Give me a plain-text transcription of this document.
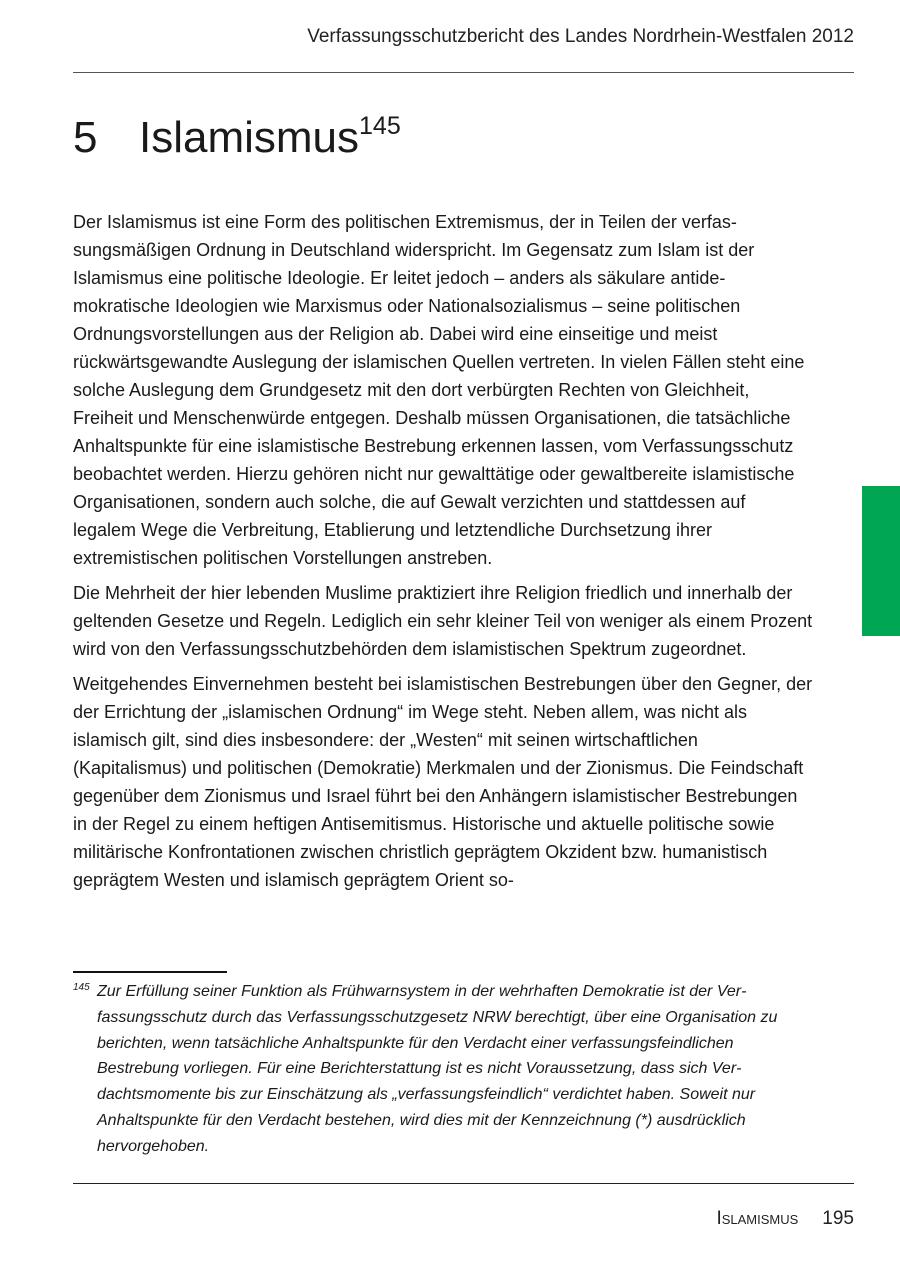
Verfassungsschutzbericht des Landes Nordrhein-Westfalen 2012
5 Islamismus$^{145}$

Der Islamismus ist eine Form des politischen Extremismus, der in Teilen der verfassungsmäßigen Ordnung in Deutschland widerspricht. Im Gegensatz zum Islam ist der Islamismus eine politische Ideologie. Er leitet jedoch – anders als säkulare antidemokratische Ideologien wie Marxismus oder Nationalsozialismus – seine politischen Ordnungsvorstellungen aus der Religion ab. Dabei wird eine einseitige und meist rückwärtsgewandte Auslegung der islamischen Quellen vertreten. In vielen Fällen steht eine solche Auslegung dem Grundgesetz mit den dort verbürgten Rechten von Gleichheit, Freiheit und Menschenwürde entgegen. Deshalb müssen Organisationen, die tatsächliche Anhaltspunkte für eine islamistische Bestrebung erkennen lassen, vom Verfassungsschutz beobachtet werden. Hierzu gehören nicht nur gewalttätige oder gewaltbereite islamistische Organisationen, sondern auch solche, die auf Gewalt verzichten und stattdessen auf legalem Wege die Verbreitung, Etablierung und letztendliche Durchsetzung ihrer extremistischen politischen Vorstellungen anstreben.

Die Mehrheit der hier lebenden Muslime praktiziert ihre Religion friedlich und innerhalb der geltenden Gesetze und Regeln. Lediglich ein sehr kleiner Teil von weniger als einem Prozent wird von den Verfassungsschutzbehörden dem islamistischen Spektrum zugeordnet.

Weitgehendes Einvernehmen besteht bei islamistischen Bestrebungen über den Gegner, der der Errichtung der „islamischen Ordnung“ im Wege steht. Neben allem, was nicht als islamisch gilt, sind dies insbesondere: der „Westen“ mit seinen wirtschaftlichen (Kapitalismus) und politischen (Demokratie) Merkmalen und der Zionismus. Die Feindschaft gegenüber dem Zionismus und Israel führt bei den Anhängern islamistischer Bestrebungen in der Regel zu einem heftigen Antisemitismus. Historische und aktuelle politische sowie militärische Konfrontationen zwischen christlich geprägtem Okzident bzw. humanistisch geprägtem Westen und islamisch geprägtem Orient so-

145 Zur Erfüllung seiner Funktion als Frühwarnsystem in der wehrhaften Demokratie ist der Verfassungsschutz durch das Verfassungsschutzgesetz NRW berechtigt, über eine Organisation zu berichten, wenn tatsächliche Anhaltspunkte für den Verdacht einer verfassungsfeindlichen Bestrebung vorliegen. Für eine Berichterstattung ist es nicht Voraussetzung, dass sich Verdachtsmomente bis zur Einschätzung als „verfassungsfeindlich“ verdichtet haben. Soweit nur Anhaltspunkte für den Verdacht bestehen, wird dies mit der Kennzeichnung (*) ausdrücklich hervorgehoben.
Islamismus 195
